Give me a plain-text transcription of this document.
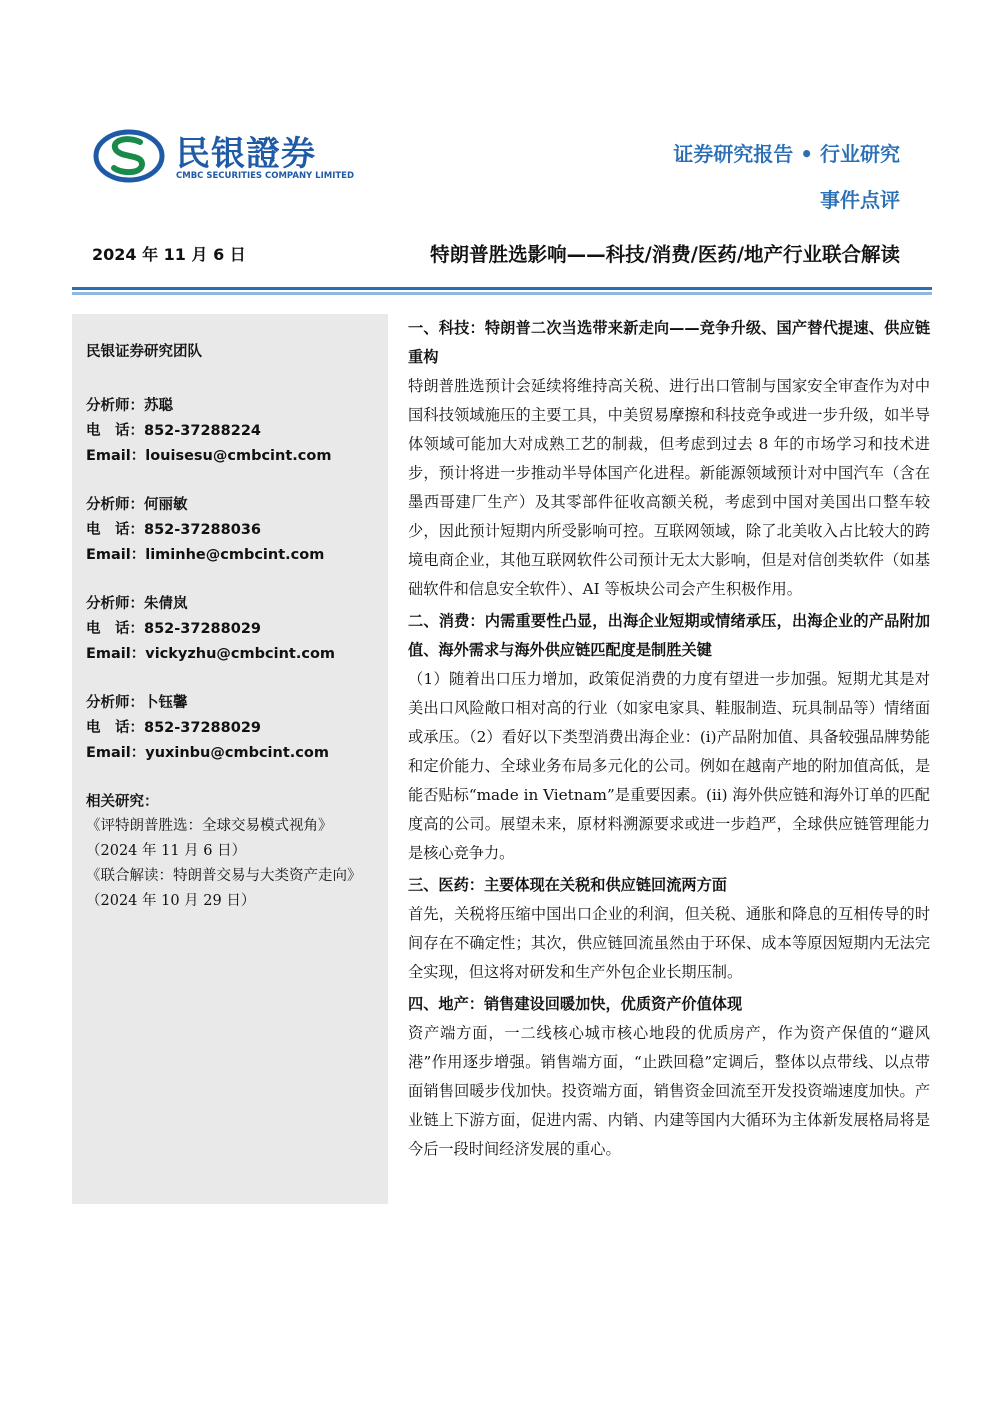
民银證券
CMBC SECURITIES COMPANY LIMITED
证券研究报告 • 行业研究
事件点评
2024 年 11 月 6 日	特朗普胜选影响——科技/消费/医药/地产行业联合解读
民银证券研究团队
分析师：苏聪
电　话：852-37288224
Email：louisesu@cmbcint.com
分析师：何丽敏
电　话：852-37288036
Email：liminhe@cmbcint.com
分析师：朱倩岚
电　话：852-37288029
Email：vickyzhu@cmbcint.com
分析师：卜钰馨
电　话：852-37288029
Email：yuxinbu@cmbcint.com
相关研究：
《评特朗普胜选：全球交易模式视角》（2024 年 11 月 6 日）
《联合解读：特朗普交易与大类资产走向》（2024 年 10 月 29 日）
一、科技：特朗普二次当选带来新走向——竞争升级、国产替代提速、供应链重构

特朗普胜选预计会延续将维持高关税、进行出口管制与国家安全审查作为对中国科技领域施压的主要工具，中美贸易摩擦和科技竞争或进一步升级，如半导体领域可能加大对成熟工艺的制裁，但考虑到过去 8 年的市场学习和技术进步，预计将进一步推动半导体国产化进程。新能源领域预计对中国汽车（含在墨西哥建厂生产）及其零部件征收高额关税，考虑到中国对美国出口整车较少，因此预计短期内所受影响可控。互联网领域，除了北美收入占比较大的跨境电商企业，其他互联网软件公司预计无太大影响，但是对信创类软件（如基础软件和信息安全软件）、AI 等板块公司会产生积极作用。

二、消费：内需重要性凸显，出海企业短期或情绪承压，出海企业的产品附加值、海外需求与海外供应链匹配度是制胜关键

（1）随着出口压力增加，政策促消费的力度有望进一步加强。短期尤其是对美出口风险敞口相对高的行业（如家电家具、鞋服制造、玩具制品等）情绪面或承压。（2）看好以下类型消费出海企业：(i)产品附加值、具备较强品牌势能和定价能力、全球业务布局多元化的公司。例如在越南产地的附加值高低，是能否贴标“made in Vietnam”是重要因素。(ii) 海外供应链和海外订单的匹配度高的公司。展望未来，原材料溯源要求或进一步趋严，全球供应链管理能力是核心竞争力。

三、医药：主要体现在关税和供应链回流两方面

首先，关税将压缩中国出口企业的利润，但关税、通胀和降息的互相传导的时间存在不确定性；其次，供应链回流虽然由于环保、成本等原因短期内无法完全实现，但这将对研发和生产外包企业长期压制。

四、地产：销售建设回暖加快，优质资产价值体现

资产端方面，一二线核心城市核心地段的优质房产，作为资产保值的“避风港”作用逐步增强。销售端方面，“止跌回稳”定调后，整体以点带线、以点带面销售回暖步伐加快。投资端方面，销售资金回流至开发投资端速度加快。产业链上下游方面，促进内需、内销、内建等国内大循环为主体新发展格局将是今后一段时间经济发展的重心。
